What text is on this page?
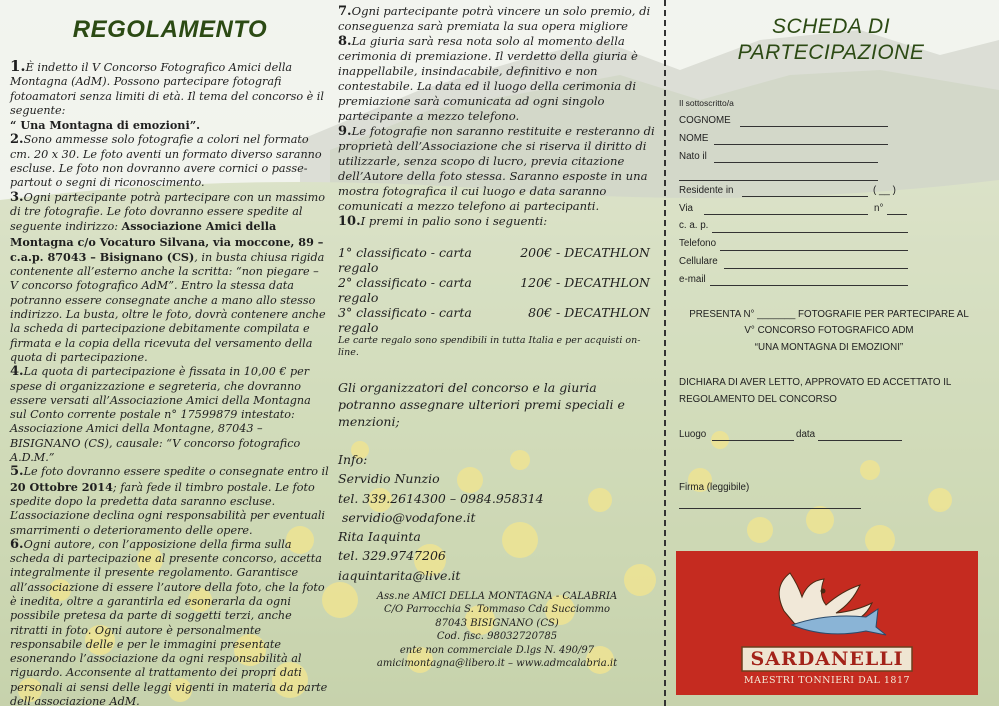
REGOLAMENTO

1.È indetto il V Concorso Fotografico Amici della Montagna (AdM). Possono partecipare fotografi fotoamatori senza limiti di età. Il tema del concorso è il seguente:
“ Una Montagna di emozioni”.

2.Sono ammesse solo fotografie a colori nel formato cm. 20 x 30. Le foto aventi un formato diverso saranno escluse. Le foto non dovranno avere cornici o passe-partout o segni di riconoscimento.

3.Ogni partecipante potrà partecipare con un massimo di tre fotografie. Le foto dovranno essere spedite al seguente indirizzo: Associazione Amici della Montagna c/o Vocaturo Silvana, via moccone, 89 – c.a.p. 87043 – Bisignano (CS), in busta chiusa rigida contenente all’esterno anche la scritta: “non piegare – V concorso fotografico AdM”. Entro la stessa data potranno essere consegnate anche a mano allo stesso indirizzo. La busta, oltre le foto, dovrà contenere anche la scheda di partecipazione debitamente compilata e firmata e la copia della ricevuta del versamento della quota di partecipazione.

4.La quota di partecipazione è fissata in 10,00 € per spese di organizzazione e segreteria, che dovranno essere versati all’Associazione Amici della Montagna sul Conto corrente postale n° 17599879 intestato: Associazione Amici della Montagne, 87043 – BISIGNANO (CS), causale: “V concorso fotografico A.D.M.”

5.Le foto dovranno essere spedite o consegnate entro il 20 Ottobre 2014; farà fede il timbro postale. Le foto spedite dopo la predetta data saranno escluse. L’associazione declina ogni responsabilità per eventuali smarrimenti o deterioramento delle opere.

6.Ogni autore, con l’apposizione della firma sulla scheda di partecipazione al presente concorso, accetta integralmente il presente regolamento. Garantisce all’associazione di essere l’autore della foto, che la foto è inedita, oltre a garantirla ed esonerarla da ogni possibile pretesa da parte di soggetti terzi, anche ritratti in foto. Ogni autore è personalmente responsabile delle e per le immagini presentate esonerando l’associazione da ogni responsabilità al riguardo. Acconsente al trattamento dei propri dati personali ai sensi delle leggi vigenti in materia da parte dell’associazione AdM.

7.Ogni partecipante potrà vincere un solo premio, di conseguenza sarà premiata la sua opera migliore

8.La giuria sarà resa nota solo al momento della cerimonia di premiazione. Il verdetto della giuria è inappellabile, insindacabile, definitivo e non contestabile. La data ed il luogo della cerimonia di premiazione sarà comunicata ad ogni singolo partecipante a mezzo telefono.

9.Le fotografie non saranno restituite e resteranno di proprietà dell’Associazione che si riserva il diritto di utilizzarle, senza scopo di lucro, previa citazione dell’Autore della foto stessa. Saranno esposte in una mostra fotografica il cui luogo e data saranno comunicati a mezzo telefono ai partecipanti.

10.I premi in palio sono i seguenti:

1° classificato - carta regalo
200€ - DECATHLON
2° classificato - carta regalo
120€ - DECATHLON
3° classificato - carta regalo
80€ - DECATHLON
Le carte regalo sono spendibili in tutta Italia e per acquisti on-line.

Gli organizzatori del concorso e la giuria potranno assegnare ulteriori premi speciali e menzioni;

Info:
Servidio Nunzio
tel. 339.2614300 – 0984.958314
servidio@vodafone.it
Rita Iaquinta
tel. 329.9747206
iaquintarita@live.it
Ass.ne AMICI DELLA MONTAGNA - CALABRIA
C/O Parrocchia S. Tommaso Cda Succiommo
87043 BISIGNANO (CS)
Cod. fisc. 98032720785
ente non commerciale D.lgs N. 490/97
amicimontagna@libero.it – www.admcalabria.it
SCHEDA DI
PARTECIPAZIONE
Il sottoscritto/a
COGNOME
NOME
Nato il
Residente in	( __ )
Via	n°
c. a. p.
Telefono
Cellulare
e-mail
PRESENTA N° _______ FOTOGRAFIE PER PARTECIPARE AL
V° CONCORSO FOTOGRAFICO ADM
“UNA MONTAGNA DI EMOZIONI”
DICHIARA DI AVER LETTO, APPROVATO ED ACCETTATO IL
REGOLAMENTO DEL CONCORSO
Luogo	data
Firma (leggibile)
SARDANELLI
MAESTRI TONNIERI DAL 1817
